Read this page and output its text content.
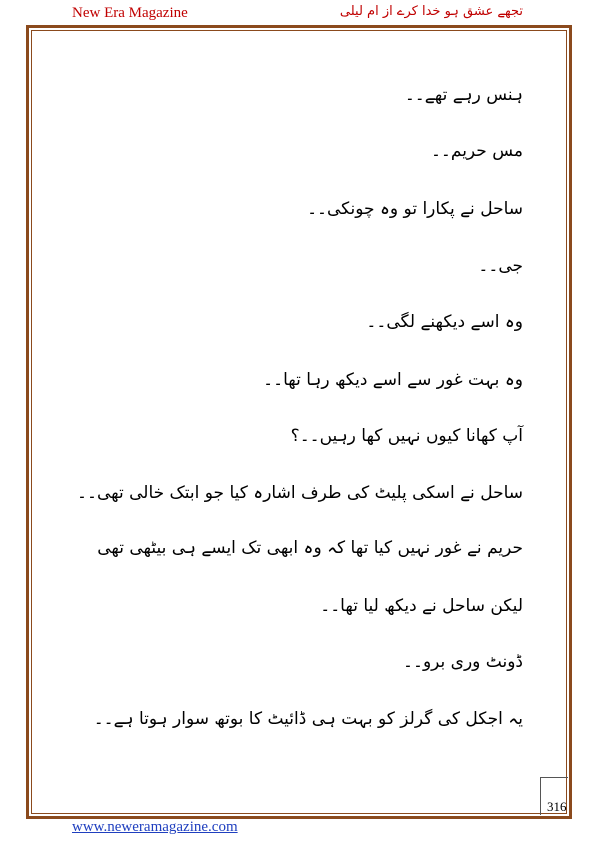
New Era Magazine	تجھے عشق ہو خدا کرے از ام لیلی
ہنس رہے تھے۔۔
مس حریم۔۔
ساحل نے پکارا تو وہ چونکی۔۔
جی۔۔
وہ اسے دیکھنے لگی۔۔
وہ بہت غور سے اسے دیکھ رہا تھا۔۔
آپ کھانا کیوں نہیں کھا رہیں۔۔؟
ساحل نے اسکی پلیٹ کی طرف اشارہ کیا جو ابتک خالی تھی۔۔
حریم نے غور نہیں کیا تھا کہ وہ ابھی تک ایسے ہی بیٹھی تھی
لیکن ساحل نے دیکھ لیا تھا۔۔
ڈونٹ وری برو۔۔
یہ اجکل کی گرلز کو بہت ہی ڈائیٹ کا بوتھ سوار ہوتا ہے۔۔
316
www.neweramagazine.com
